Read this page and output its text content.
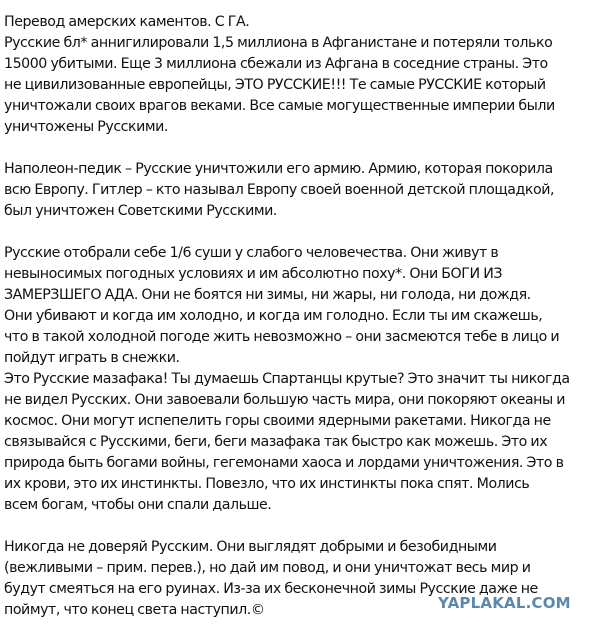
Перевод амерских каментов. С ГА.
Русские бл* аннигилировали 1,5 миллиона в Афганистане и потеряли только
15000 убитыми. Еще 3 миллиона сбежали из Афгана в соседние страны. Это
не цивилизованные европейцы, ЭТО РУССКИЕ!!! Те самые РУССКИЕ который
уничтожали своих врагов веками. Все самые могущественные империи были
уничтожены Русскими.
Наполеон-педик – Русские уничтожили его армию. Армию, которая покорила
всю Европу. Гитлер – кто называл Европу своей военной детской площадкой,
был уничтожен Советскими Русскими.
Русские отобрали себе 1/6 суши у слабого человечества. Они живут в
невыносимых погодных условиях и им абсолютно поху*. Они БОГИ ИЗ
ЗАМЕРЗШЕГО АДА. Они не боятся ни зимы, ни жары, ни голода, ни дождя.
Они убивают и когда им холодно, и когда им голодно. Если ты им скажешь,
что в такой холодной погоде жить невозможно – они засмеются тебе в лицо и
пойдут играть в снежки.
Это Русские мазафака! Ты думаешь Спартанцы крутые? Это значит ты никогда
не видел Русских. Они завоевали большую часть мира, они покоряют океаны и
космос. Они могут испепелить горы своими ядерными ракетами. Никогда не
связывайся с Русскими, беги, беги мазафака так быстро как можешь. Это их
природа быть богами войны, гегемонами хаоса и лордами уничтожения. Это в
их крови, это их инстинкты. Повезло, что их инстинкты пока спят. Молись
всем богам, чтобы они спали дальше.
Никогда не доверяй Русским. Они выглядят добрыми и безобидными
(вежливыми – прим. перев.), но дай им повод, и они уничтожат весь мир и
будут смеяться на его руинах. Из-за их бесконечной зимы Русские даже не
поймут, что конец света наступил.©	YAPLAKAL.COM
